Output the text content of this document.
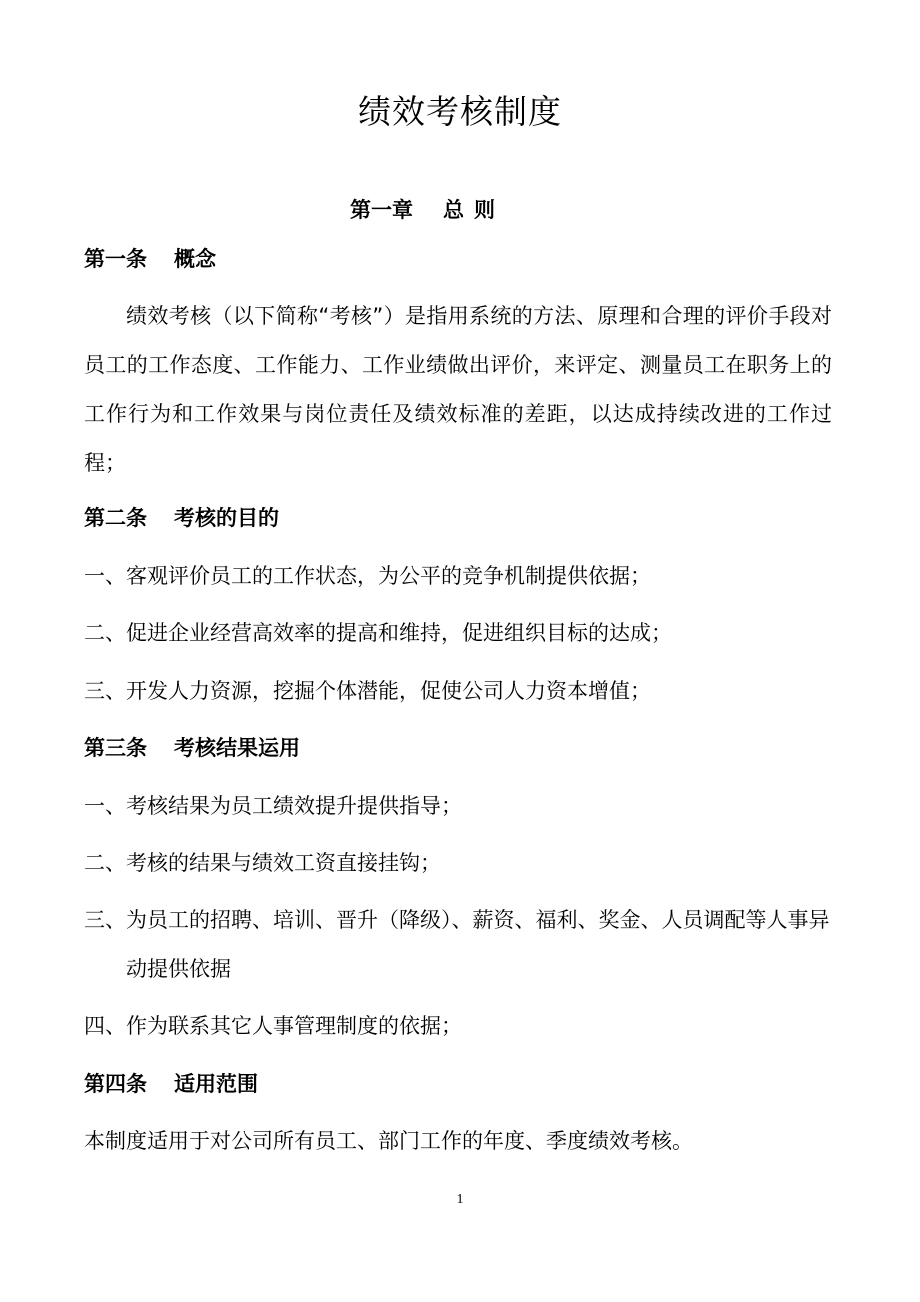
绩效考核制度
第一章 总 则
第一条 概念
绩效考核（以下简称“考核”）是指用系统的方法、原理和合理的评价手段对员工的工作态度、工作能力、工作业绩做出评价，来评定、测量员工在职务上的工作行为和工作效果与岗位责任及绩效标准的差距，以达成持续改进的工作过程；
第二条 考核的目的
一、客观评价员工的工作状态，为公平的竞争机制提供依据；
二、促进企业经营高效率的提高和维持，促进组织目标的达成；
三、开发人力资源，挖掘个体潜能，促使公司人力资本增值；
第三条 考核结果运用
一、考核结果为员工绩效提升提供指导；
二、考核的结果与绩效工资直接挂钩；
三、为员工的招聘、培训、晋升（降级）、薪资、福利、奖金、人员调配等人事异动提供依据
四、作为联系其它人事管理制度的依据；
第四条 适用范围
本制度适用于对公司所有员工、部门工作的年度、季度绩效考核。
1
